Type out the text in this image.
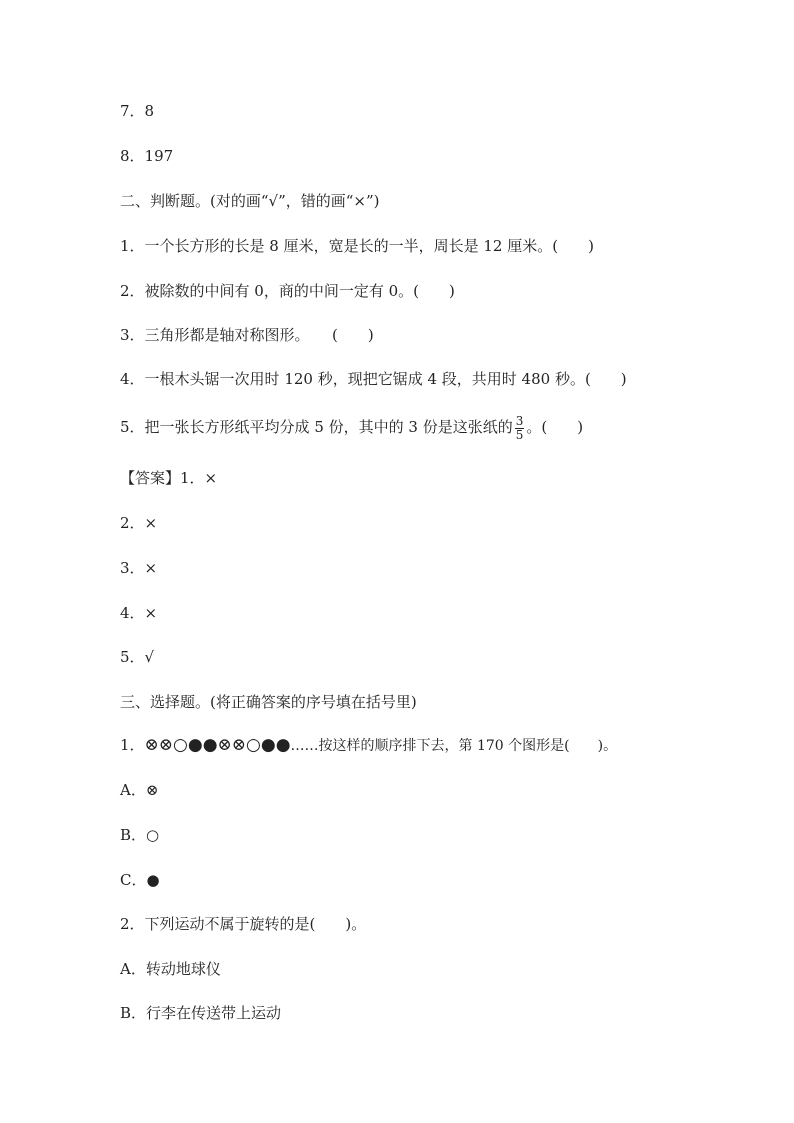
7．8
8．197
二、判断题。(对的画“√”，错的画“×”)
1．一个长方形的长是 8 厘米，宽是长的一半，周长是 12 厘米。(　　)
2．被除数的中间有 0，商的中间一定有 0。(　　)
3．三角形都是轴对称图形。　　(　　)
4．一根木头锯一次用时 120 秒，现把它锯成 4 段，共用时 480 秒。(　　)
5．把一张长方形纸平均分成 5 份，其中的 3 份是这张纸的 $\frac{3}{5}$ 。(　　)
【答案】1．×
2．×
3．×
4．×
5．√
三、选择题。(将正确答案的序号填在括号里)
1．⊗⊗○●●⊗⊗○●●……按这样的顺序排下去，第 170 个图形是(　　)。
A．⊗
B．○
C．●
2．下列运动不属于旋转的是(　　)。
A．转动地球仪
B．行李在传送带上运动
